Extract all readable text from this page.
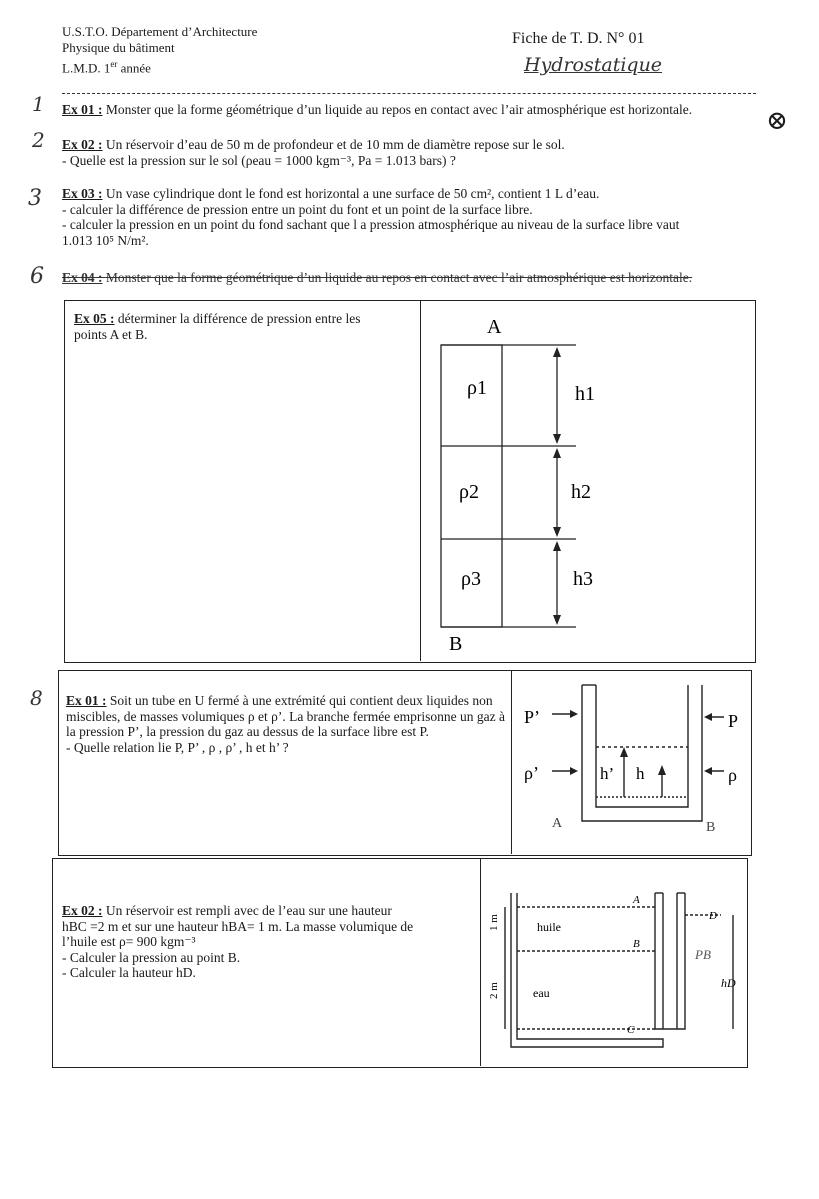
U.S.T.O. Département d’Architecture
Physique du bâtiment
L.M.D. 1er année
Fiche de T. D. N° 01
Hydrostatique
1 Ex 01 : Monster que la forme géométrique d’un liquide au repos en contact avec l’air atmosphérique est horizontale.	⊗
2 Ex 02 : Un réservoir d’eau de 50 m de profondeur et de 10 mm de diamètre repose sur le sol.
- Quelle est la pression sur le sol (ρeau = 1000 kgm⁻³, Pa = 1.013 bars) ?
3 Ex 03 : Un vase cylindrique dont le fond est horizontal a une surface de 50 cm², contient 1 L d’eau.
- calculer la différence de pression entre un point du font et un point de la surface libre.
- calculer la pression en un point du fond sachant que l a pression atmosphérique au niveau de la surface libre vaut
1.013 10⁵ N/m².
6 Ex 04 : Monster que la forme géométrique d’un liquide au repos en contact avec l’air atmosphérique est horizontale.
Ex 05 : déterminer la différence de pression entre les points A et B.	A
B
ρ1
ρ2
ρ3
h1
h2
h3
8 Ex 01 : Soit un tube en U fermé à une extrémité qui contient deux liquides non miscibles, de masses volumiques ρ et ρ’. La branche fermée emprisonne un gaz à la pression P’, la pression du gaz au dessus de la surface libre est P.
- Quelle relation lie P, P’ , ρ , ρ’ , h et h’ ?
P’	P
ρ’	ρ
h’ h
A	B
Ex 02 : Un réservoir est rempli avec de l’eau sur une hauteur
hBC =2 m et sur une hauteur hBA= 1 m. La masse volumique de
l’huile est ρ= 900 kgm⁻³
- Calculer la pression au point B.
- Calculer la hauteur hD.
huile
eau
1 m
2 m
A
B
C
D
hD
PB
